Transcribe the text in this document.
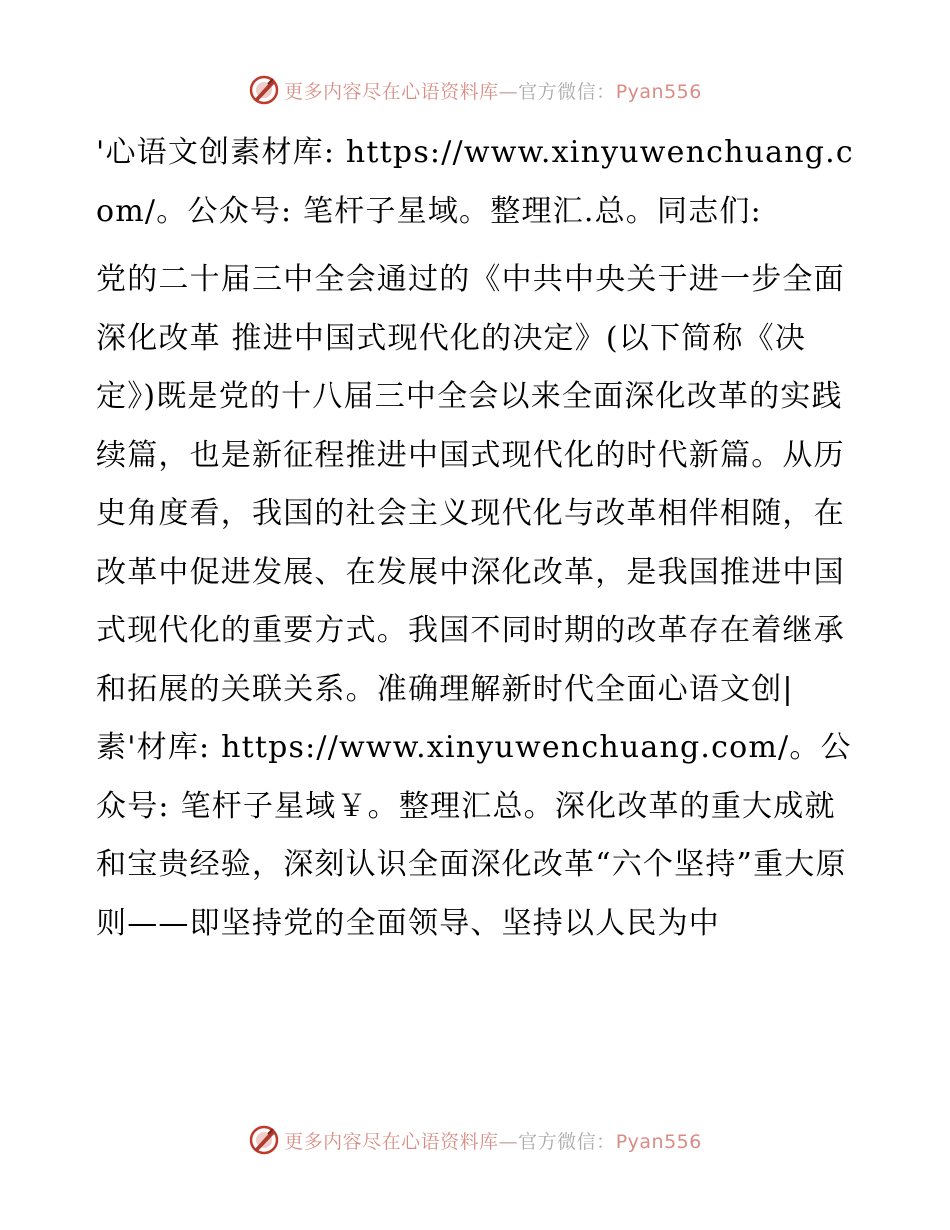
更多内容尽在心语资料库—官方微信：Pyan556

'心语文创素材库: https://www.xinyuwenchuang.com/。公众号: 笔杆子星域。整理汇.总。同志们:

党的二十届三中全会通过的《中共中央关于进一步全面深化改革 推进中国式现代化的决定》(以下简称《决定》)既是党的十八届三中全会以来全面深化改革的实践续篇，也是新征程推进中国式现代化的时代新篇。从历史角度看，我国的社会主义现代化与改革相伴相随，在改革中促进发展、在发展中深化改革，是我国推进中国式现代化的重要方式。我国不同时期的改革存在着继承和拓展的关联关系。准确理解新时代全面心语文创|素'材库: https://www.xinyuwenchuang.com/。公众号: 笔杆子星域￥。整理汇总。深化改革的重大成就和宝贵经验，深刻认识全面深化改革“六个坚持”重大原则——即坚持党的全面领导、坚持以人民为中

更多内容尽在心语资料库—官方微信：Pyan556
